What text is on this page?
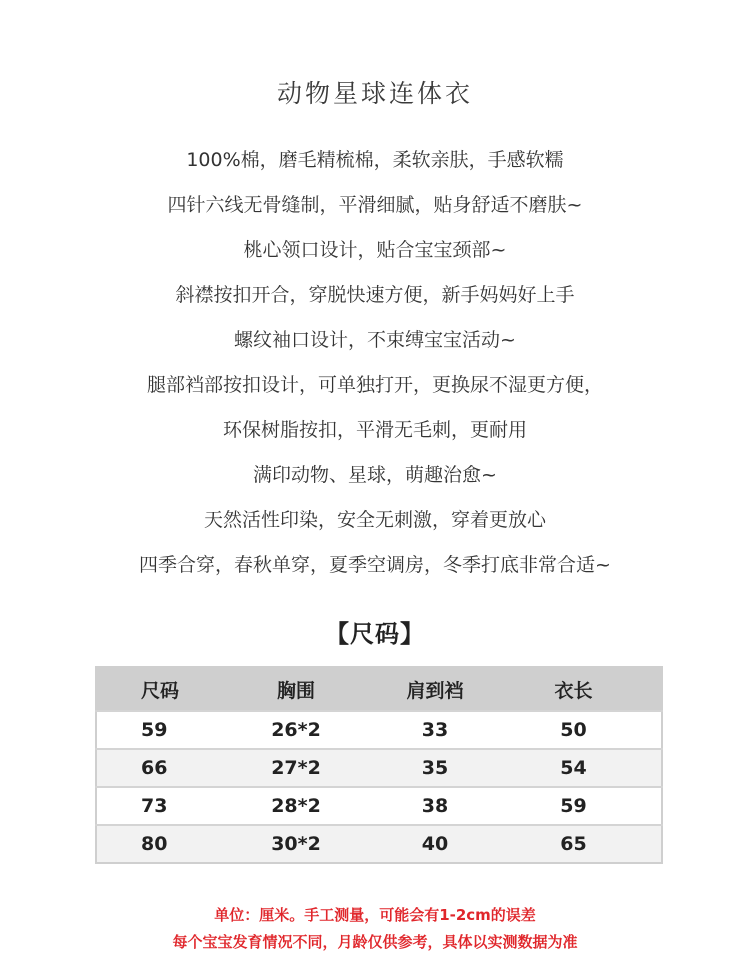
动物星球连体衣
100%棉，磨毛精梳棉，柔软亲肤，手感软糯
四针六线无骨缝制，平滑细腻，贴身舒适不磨肤~
桃心领口设计，贴合宝宝颈部~
斜襟按扣开合，穿脱快速方便，新手妈妈好上手
螺纹袖口设计，不束缚宝宝活动~
腿部裆部按扣设计，可单独打开，更换尿不湿更方便，
环保树脂按扣，平滑无毛刺，更耐用
满印动物、星球，萌趣治愈~
天然活性印染，安全无刺激，穿着更放心
四季合穿，春秋单穿，夏季空调房，冬季打底非常合适~
【尺码】
尺码	胸围	肩到裆	衣长
59	26*2	33	50
66	27*2	35	54
73	28*2	38	59
80	30*2	40	65
单位：厘米。手工测量，可能会有1-2cm的误差
每个宝宝发育情况不同，月龄仅供参考，具体以实测数据为准
